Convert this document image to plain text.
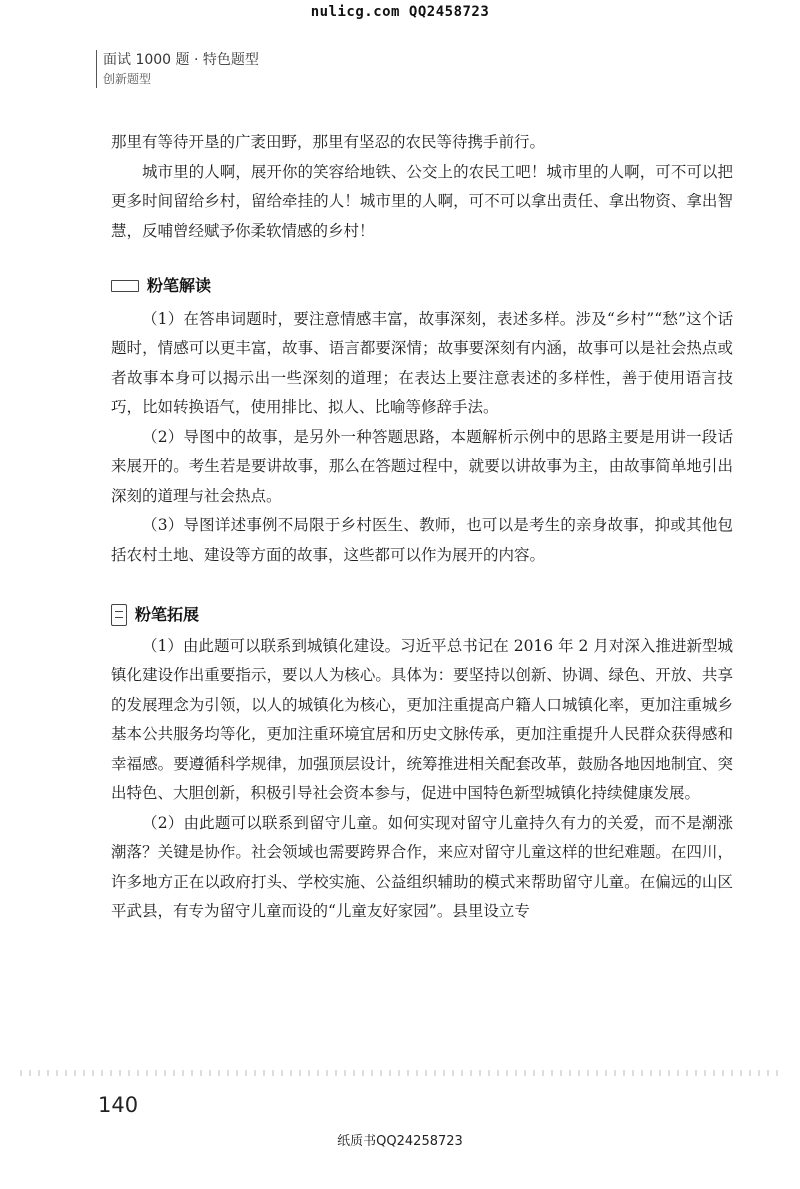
nulicg.com QQ2458723
面试 1000 题 · 特色题型
创新题型

那里有等待开垦的广袤田野，那里有坚忍的农民等待携手前行。

城市里的人啊，展开你的笑容给地铁、公交上的农民工吧！城市里的人啊，可不可以把更多时间留给乡村，留给牵挂的人！城市里的人啊，可不可以拿出责任、拿出物资、拿出智慧，反哺曾经赋予你柔软情感的乡村！

粉笔解读

（1）在答串词题时，要注意情感丰富，故事深刻，表述多样。涉及“乡村”“愁”这个话题时，情感可以更丰富，故事、语言都要深情；故事要深刻有内涵，故事可以是社会热点或者故事本身可以揭示出一些深刻的道理；在表达上要注意表述的多样性，善于使用语言技巧，比如转换语气，使用排比、拟人、比喻等修辞手法。

（2）导图中的故事，是另外一种答题思路，本题解析示例中的思路主要是用讲一段话来展开的。考生若是要讲故事，那么在答题过程中，就要以讲故事为主，由故事简单地引出深刻的道理与社会热点。

（3）导图详述事例不局限于乡村医生、教师，也可以是考生的亲身故事，抑或其他包括农村土地、建设等方面的故事，这些都可以作为展开的内容。

粉笔拓展

（1）由此题可以联系到城镇化建设。习近平总书记在 2016 年 2 月对深入推进新型城镇化建设作出重要指示，要以人为核心。具体为：要坚持以创新、协调、绿色、开放、共享的发展理念为引领，以人的城镇化为核心，更加注重提高户籍人口城镇化率，更加注重城乡基本公共服务均等化，更加注重环境宜居和历史文脉传承，更加注重提升人民群众获得感和幸福感。要遵循科学规律，加强顶层设计，统筹推进相关配套改革，鼓励各地因地制宜、突出特色、大胆创新，积极引导社会资本参与，促进中国特色新型城镇化持续健康发展。

（2）由此题可以联系到留守儿童。如何实现对留守儿童持久有力的关爱，而不是潮涨潮落？关键是协作。社会领域也需要跨界合作，来应对留守儿童这样的世纪难题。在四川，许多地方正在以政府打头、学校实施、公益组织辅助的模式来帮助留守儿童。在偏远的山区平武县，有专为留守儿童而设的“儿童友好家园”。县里设立专

140
纸质书QQ24258723
